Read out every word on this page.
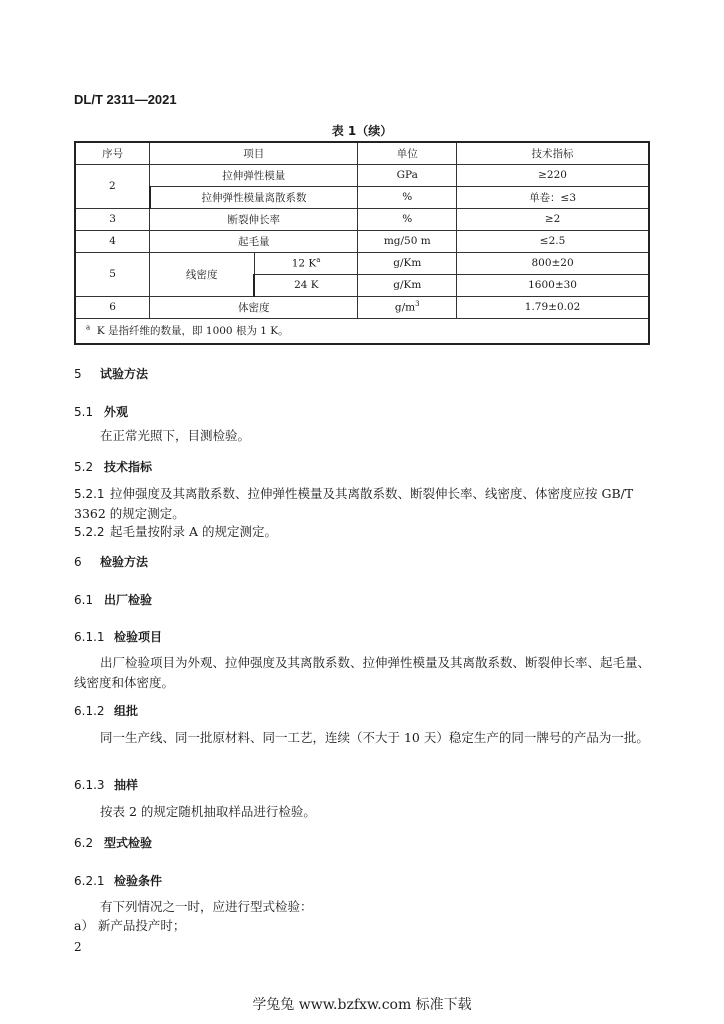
DL/T 2311—2021
表 1（续）
序号	项目		单位	技术指标
2	拉伸弹性模量		GPa	≥220
	拉伸弹性模量离散系数		%	单卷：≤3
3	断裂伸长率		%	≥2
4	起毛量		mg/50 m	≤2.5
5	线密度	12 $K^a$	g/Km	800±20
		24 K	g/Km	1600±30
6	体密度		$g/m^3$	1.79±0.02
$^a$ K 是指纤维的数量，即 1000 根为 1 K。				
5 试验方法
5.1 外观
在正常光照下，目测检验。
5.2 技术指标
5.2.1 拉伸强度及其离散系数、拉伸弹性模量及其离散系数、断裂伸长率、线密度、体密度应按 GB/T 3362 的规定测定。
5.2.2 起毛量按附录 A 的规定测定。
6 检验方法
6.1 出厂检验
6.1.1 检验项目
出厂检验项目为外观、拉伸强度及其离散系数、拉伸弹性模量及其离散系数、断裂伸长率、起毛量、线密度和体密度。
6.1.2 组批
同一生产线、同一批原材料、同一工艺，连续（不大于 10 天）稳定生产的同一牌号的产品为一批。
6.1.3 抽样
按表 2 的规定随机抽取样品进行检验。
6.2 型式检验
6.2.1 检验条件
有下列情况之一时，应进行型式检验：
a） 新产品投产时；
2
学兔兔 www.bzfxw.com 标准下载
